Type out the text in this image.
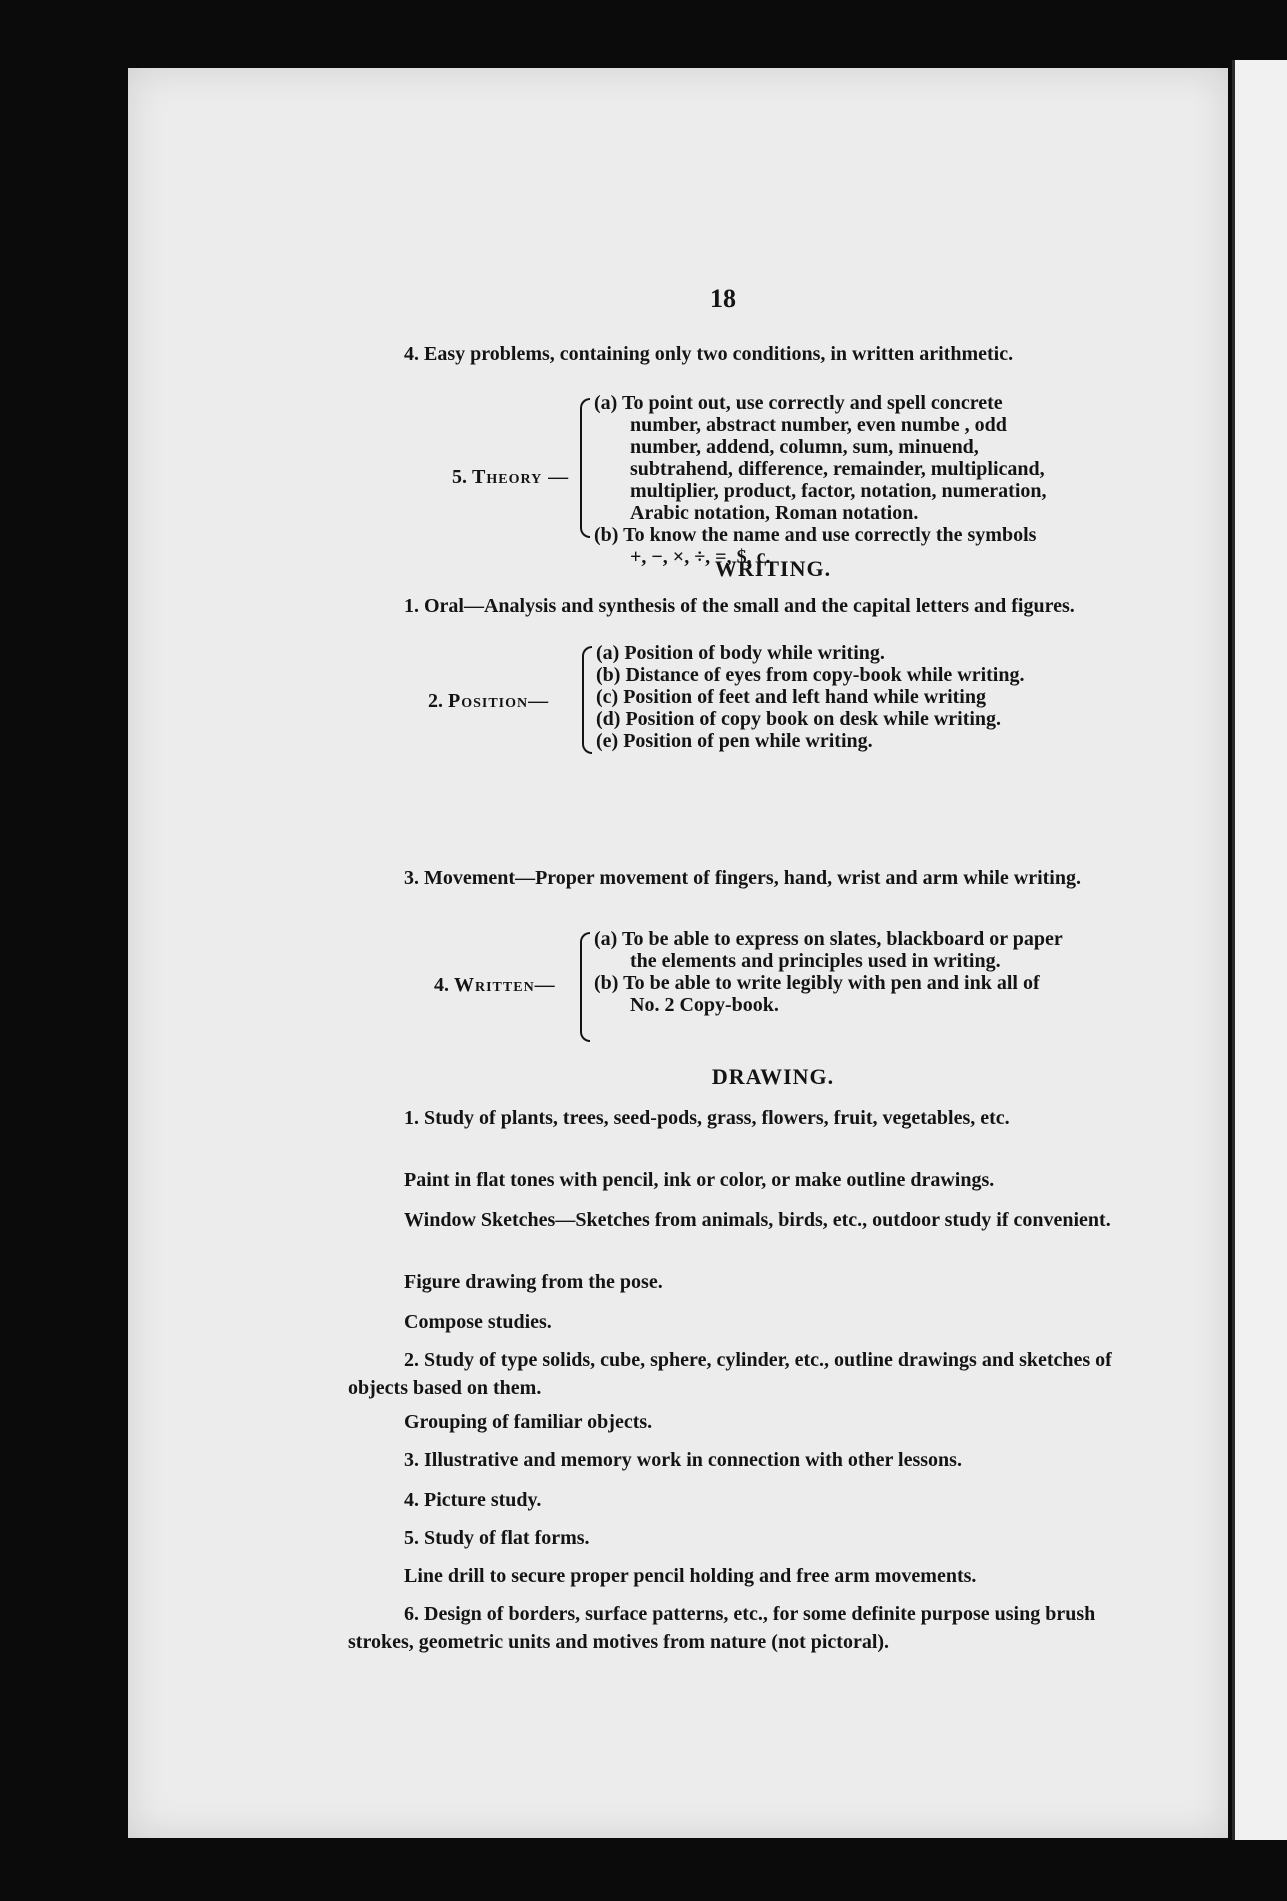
18

4. Easy problems, containing only two conditions, in written arithmetic.

5. Theory —

(a) To point out, use correctly and spell concrete number, abstract number, even numbe , odd number, addend, column, sum, minuend, subtrahend, difference, remainder, multiplicand, multiplier, product, factor, notation, numeration, Arabic notation, Roman notation.

(b) To know the name and use correctly the symbols +, −, ×, ÷, =, $, c.

WRITING.

1. Oral—Analysis and synthesis of the small and the capital letters and figures.

2. Position—

(a) Position of body while writing.

(b) Distance of eyes from copy-book while writing.

(c) Position of feet and left hand while writing

(d) Position of copy book on desk while writing.

(e) Position of pen while writing.

3. Movement—Proper movement of fingers, hand, wrist and arm while writing.

4. Written—

(a) To be able to express on slates, blackboard or paper the elements and principles used in writing.

(b) To be able to write legibly with pen and ink all of No. 2 Copy-book.

DRAWING.

1. Study of plants, trees, seed-pods, grass, flowers, fruit, vegetables, etc.

Paint in flat tones with pencil, ink or color, or make outline drawings.

Window Sketches—Sketches from animals, birds, etc., outdoor study if convenient.

Figure drawing from the pose.

Compose studies.

2. Study of type solids, cube, sphere, cylinder, etc., outline drawings and sketches of objects based on them.

Grouping of familiar objects.

3. Illustrative and memory work in connection with other lessons.

4. Picture study.

5. Study of flat forms.

Line drill to secure proper pencil holding and free arm movements.

6. Design of borders, surface patterns, etc., for some definite purpose using brush strokes, geometric units and motives from nature (not pictoral).
